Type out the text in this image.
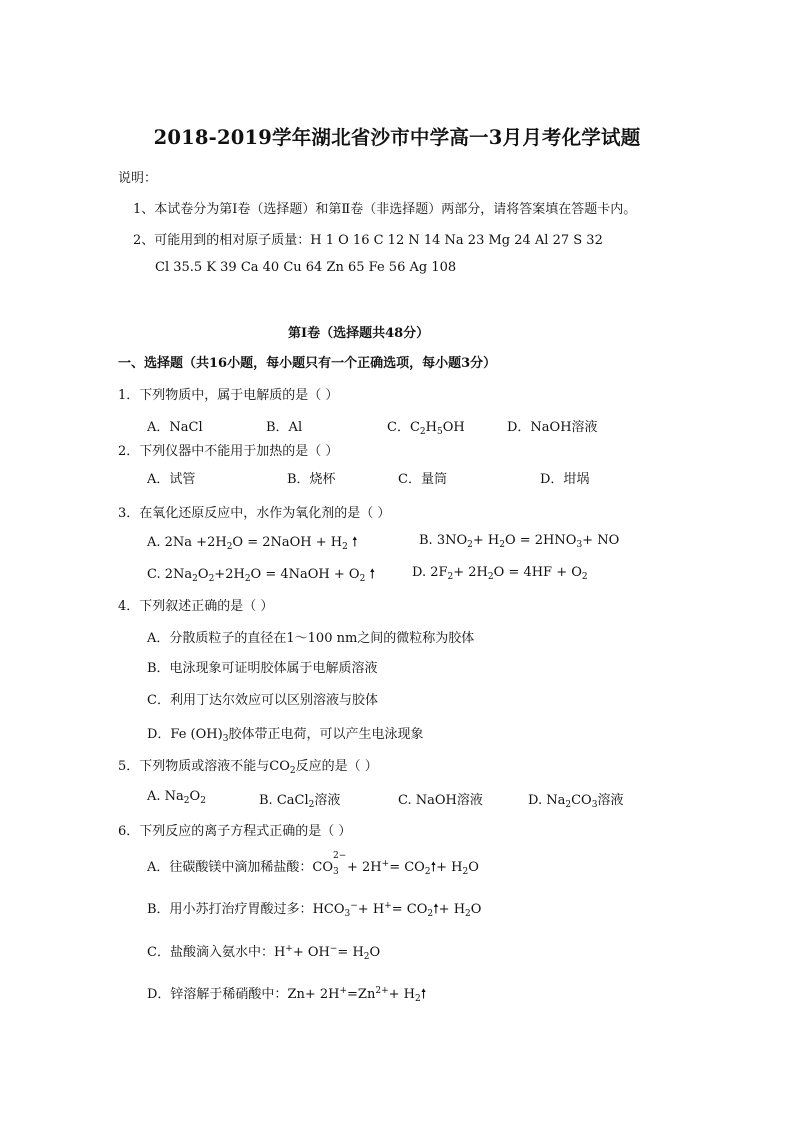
2018-2019学年湖北省沙市中学高一3月月考化学试题
说明：
1、本试卷分为第Ⅰ卷（选择题）和第Ⅱ卷（非选择题）两部分，请将答案填在答题卡内。
2、可能用到的相对原子质量：H 1 O 16 C 12 N 14 Na 23 Mg 24 Al 27 S 32
Cl 35.5 K 39 Ca 40 Cu 64 Zn 65 Fe 56 Ag 108
第Ⅰ卷（选择题共48分）
一、选择题（共16小题，每小题只有一个正确选项，每小题3分）
1．下列物质中，属于电解质的是（ ）
A．NaCl	B．Al	C．$C_2H_5OH$	D．NaOH溶液
2．下列仪器中不能用于加热的是（ ）
A．试管	B．烧杯	C．量筒	D．坩埚
3．在氧化还原反应中，水作为氧化剂的是（ ）
A. $2Na +2H_2O$ = 2NaOH + $H_2$ 🠕	B. $3NO_2+ H_2O = 2HNO_3+$ NO
C. $2Na_2O_2+2H_2O$ = 4NaOH + $O_2$ 🠕	D. $2F_2+ 2H_2O = 4HF + O_2$
4．下列叙述正确的是（ ）
A．分散质粒子的直径在1～100 nm之间的微粒称为胶体
B．电泳现象可证明胶体属于电解质溶液
C．利用丁达尔效应可以区别溶液与胶体
D．Fe $(OH)_3$胶体带正电荷，可以产生电泳现象
5．下列物质或溶液不能与$CO_2$反应的是（ ）
A. $Na_2O_2$	B. CaCl$_2$溶液	C. NaOH溶液	D. $Na_2CO_3$溶液
6．下列反应的离子方程式正确的是（ ）
A．往碳酸镁中滴加稀盐酸：CO
2−
$_3 + 2H^+= CO_2🠕+ H_2O$
B．用小苏打治疗胃酸过多：$HCO_3^-+ H^+=$ $CO_2🠕+ H_2O$
C．盐酸滴入氨水中：$H^++ OH^-= H_2O$
D．锌溶解于稀硝酸中：$Zn+ 2H^+=Zn^{2+}+$ $H_2🠕$
